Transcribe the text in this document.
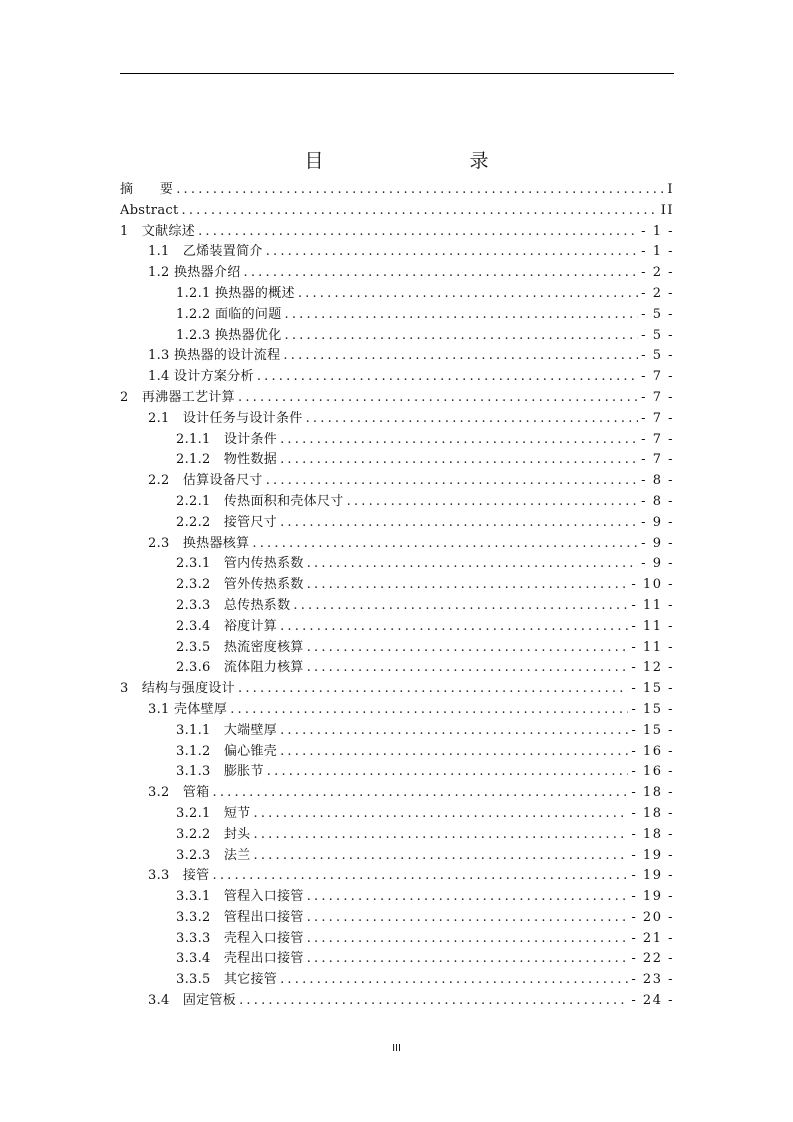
目　　录
摘　　要 .....	I
Abstract .....	II
1　文献综述 .....	- 1 -
1.1　乙烯装置简介 .....	- 1 -
1.2 换热器介绍 .....	- 2 -
1.2.1 换热器的概述 .....	- 2 -
1.2.2 面临的问题 .....	- 5 -
1.2.3 换热器优化 .....	- 5 -
1.3 换热器的设计流程 .....	- 5 -
1.4 设计方案分析 .....	- 7 -
2　再沸器工艺计算 .....	- 7 -
2.1　设计任务与设计条件 .....	- 7 -
2.1.1　设计条件 .....	- 7 -
2.1.2　物性数据 .....	- 7 -
2.2　估算设备尺寸 .....	- 8 -
2.2.1　传热面积和壳体尺寸 .....	- 8 -
2.2.2　接管尺寸 .....	- 9 -
2.3　换热器核算 .....	- 9 -
2.3.1　管内传热系数 .....	- 9 -
2.3.2　管外传热系数 .....	- 10 -
2.3.3　总传热系数 .....	- 11 -
2.3.4　裕度计算 .....	- 11 -
2.3.5　热流密度核算 .....	- 11 -
2.3.6　流体阻力核算 .....	- 12 -
3　结构与强度设计 .....	- 15 -
3.1 壳体壁厚 .....	- 15 -
3.1.1　大端壁厚 .....	- 15 -
3.1.2　偏心锥壳 .....	- 16 -
3.1.3　膨胀节 .....	- 16 -
3.2　管箱 .....	- 18 -
3.2.1　短节 .....	- 18 -
3.2.2　封头 .....	- 18 -
3.2.3　法兰 .....	- 19 -
3.3　接管 .....	- 19 -
3.3.1　管程入口接管 .....	- 19 -
3.3.2　管程出口接管 .....	- 20 -
3.3.3　壳程入口接管 .....	- 21 -
3.3.4　壳程出口接管 .....	- 22 -
3.3.5　其它接管 .....	- 23 -
3.4　固定管板 .....	- 24 -
III
